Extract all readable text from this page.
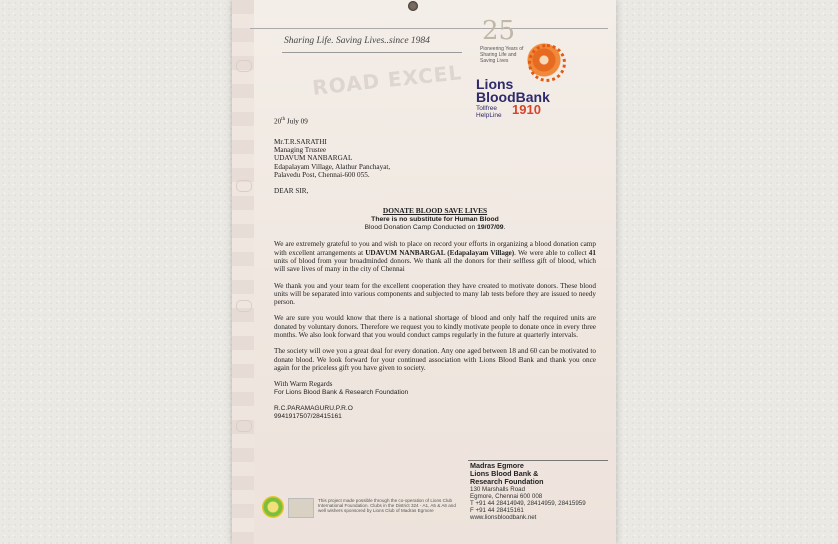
Sharing Life. Saving Lives..since 1984
ROAD EXCEL
25
Pioneering Years of Sharing Life and Saving Lives
Lions
BloodBank
Tollfree
HelpLine 1910

20th July 09

Mr.T.R.SARATHI

Managing Trustee

UDAVUM NANBARGAL

Edapalayam Village, Alathur Panchayat,

Palavedu Post, Chennai-600 055.

DEAR SIR,

DONATE BLOOD SAVE LIVES

There is no substitute for Human Blood

Blood Donation Camp Conducted on 19/07/09.

We are extremely grateful to you and wish to place on record your efforts in organizing a blood donation camp with excellent arrangements at UDAVUM NANBARGAL (Edapalayam Village). We were able to collect 41 units of blood from your broadminded donors. We thank all the donors for their selfless gift of blood, which will save lives of many in the city of Chennai

We thank you and your team for the excellent cooperation they have created to motivate donors. These blood units will be separated into various components and subjected to many lab tests before they are issued to needy person.

We are sure you would know that there is a national shortage of blood and only half the required units are donated by voluntary donors. Therefore we request you to kindly motivate people to donate once in every three months. We also look forward that you would conduct camps regularly in the future at quarterly intervals.

The society will owe you a great deal for every donation. Any one aged between 18 and 60 can be motivated to donate blood. We look forward for your continued association with Lions Blood Bank and thank you once again for the priceless gift you have given to society.

With Warm Regards

For Lions Blood Bank & Research Foundation

R.C.PARAMAGURU.P.R.O

9941917507/28415161

Madras Egmore
Lions Blood Bank &
Research Foundation
130 Marshalls Road
Egmore, Chennai 600 008
T +91 44 28414949, 28414959, 28415959
F +91 44 28415161
www.lionsbloodbank.net
This project made possible through the co-operation of Lions Club International Foundation. Clubs in the District 324 - A1, A5 & A6 and well wishers sponsored by Lions Club of Madras Egmore
